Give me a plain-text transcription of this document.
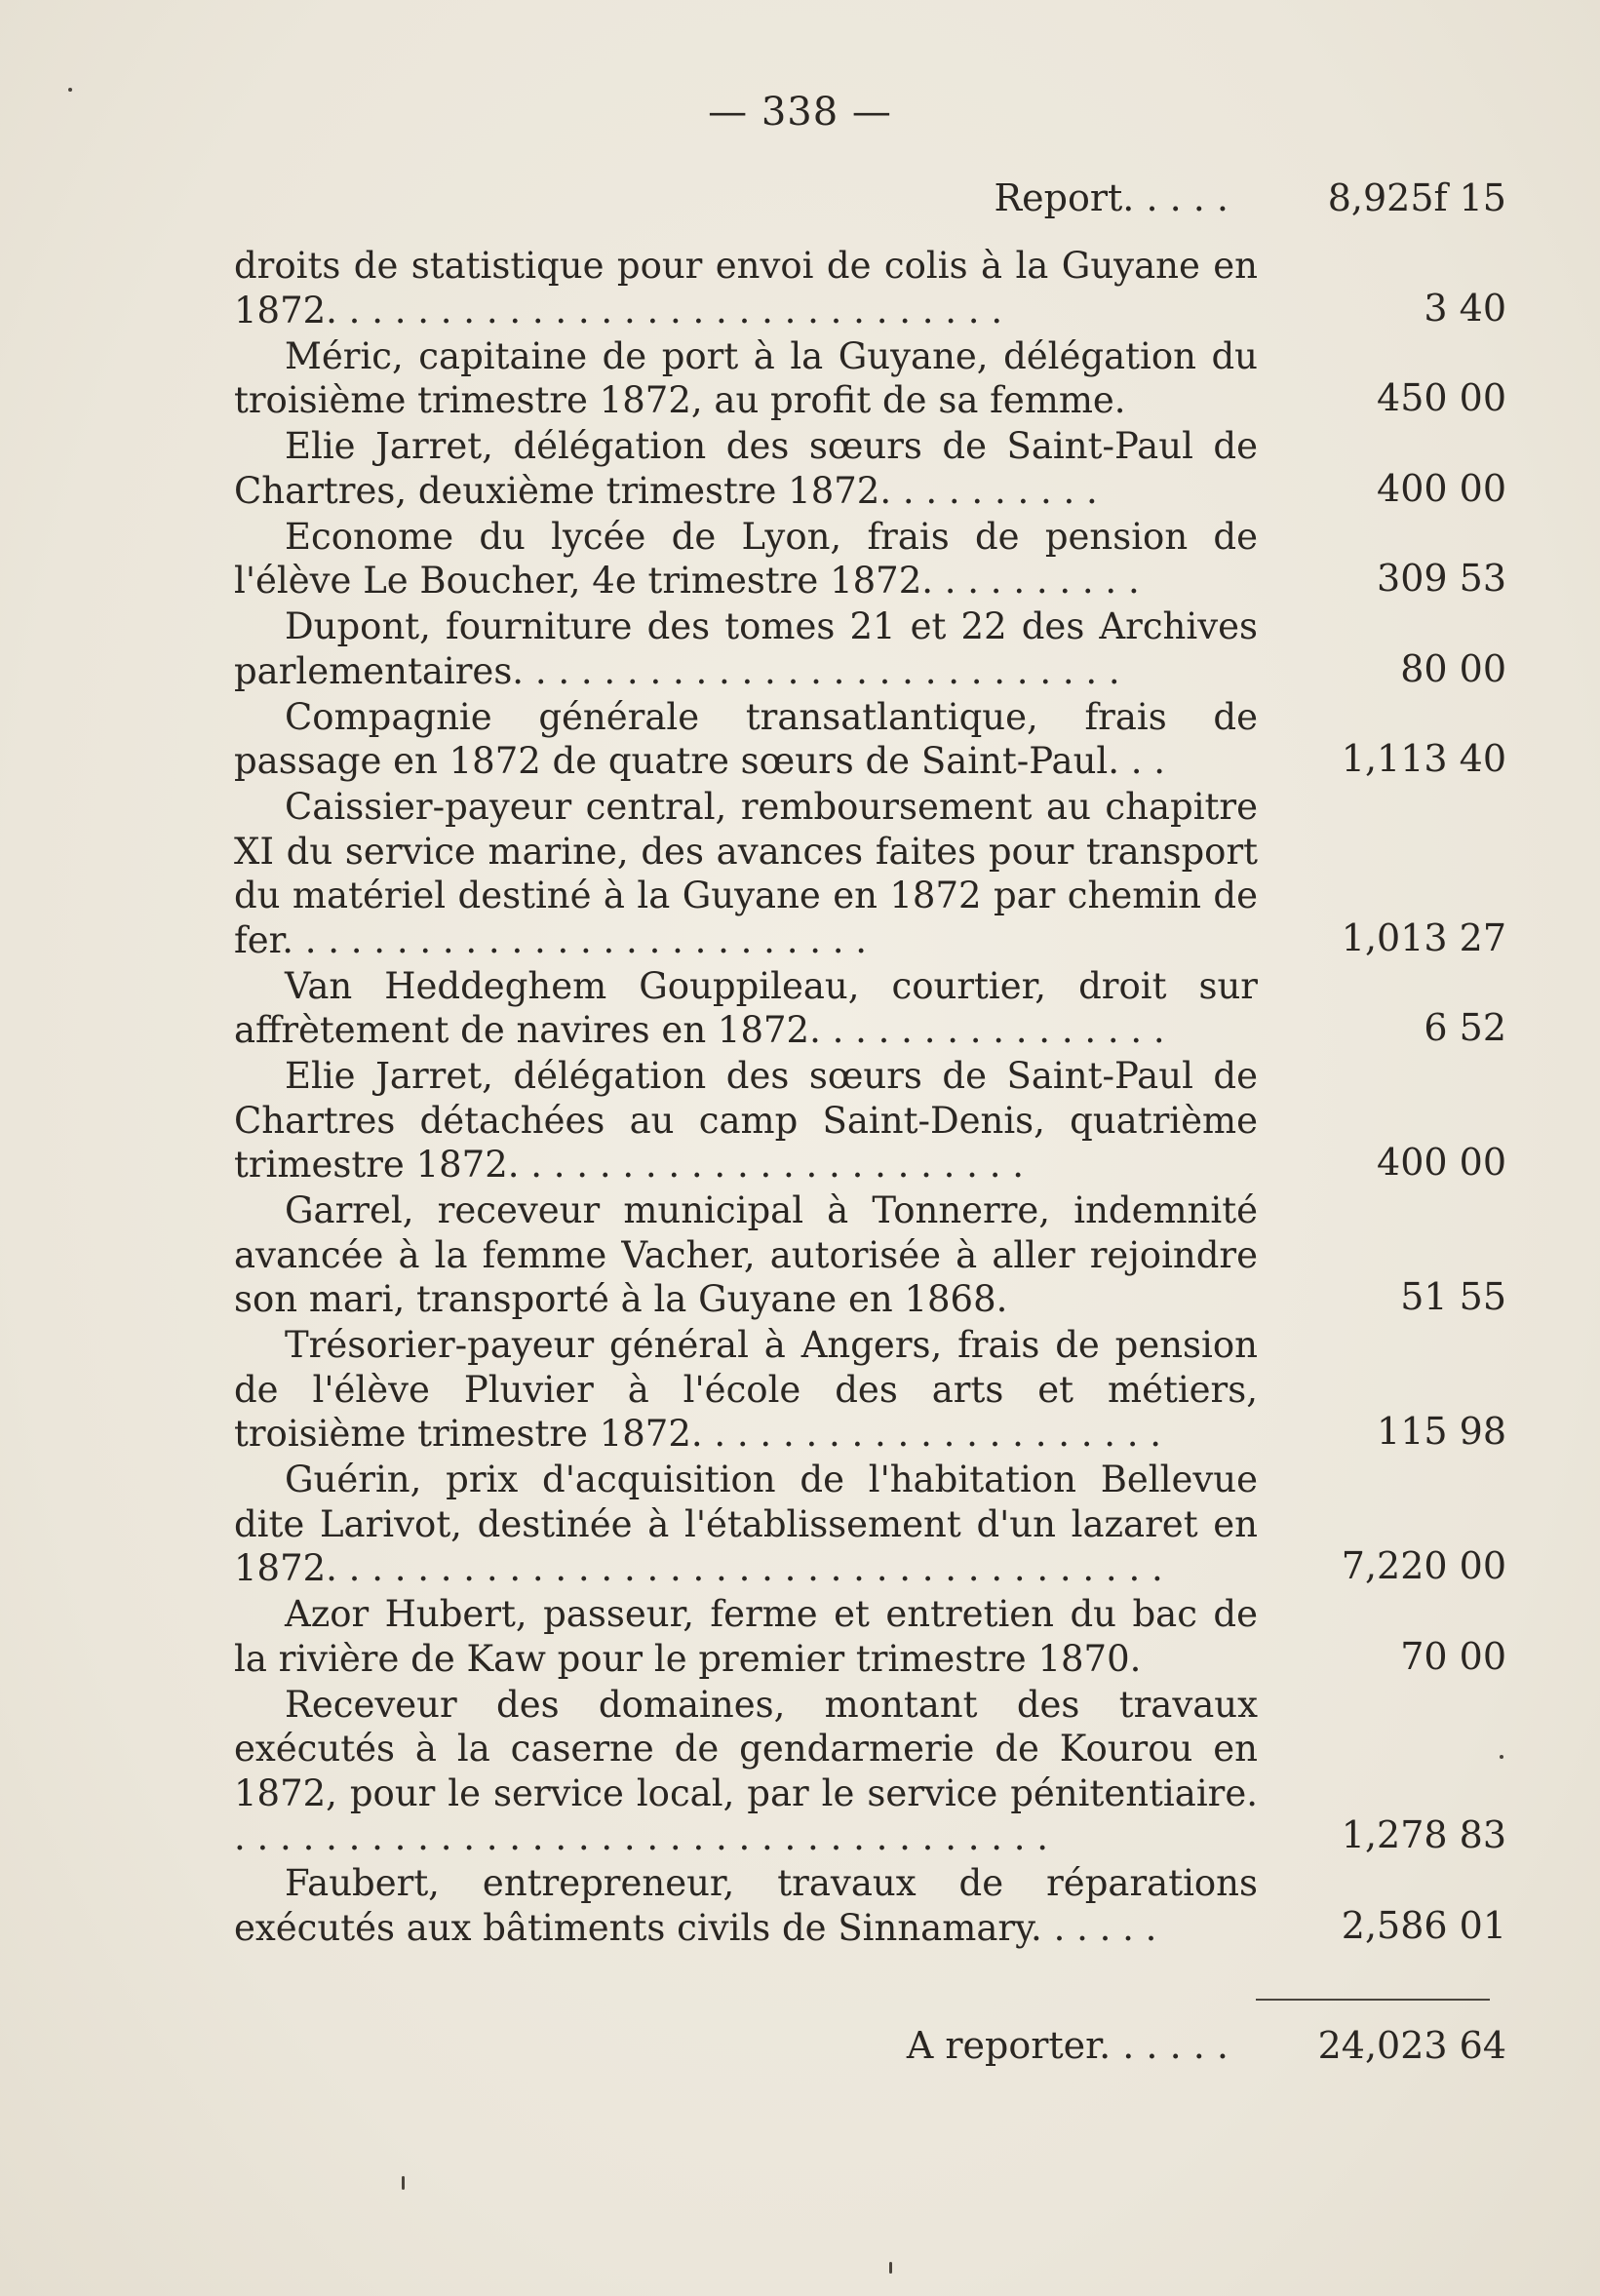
— 338 —
Report. . . . .	8,925f 15
droits de statistique pour envoi de colis à la Guyane en 1872. . . . . . . . . . . . . . . . . . . . . . . . . . . . . .	3 40
Méric, capitaine de port à la Guyane, délégation du troisième trimestre 1872, au profit de sa femme.	450 00
Elie Jarret, délégation des sœurs de Saint-Paul de Chartres, deuxième trimestre 1872. . . . . . . . . .	400 00
Econome du lycée de Lyon, frais de pension de l'élève Le Boucher, 4e trimestre 1872. . . . . . . . . .	309 53
Dupont, fourniture des tomes 21 et 22 des Archives parlementaires. . . . . . . . . . . . . . . . . . . . . . . . . . .	80 00
Compagnie générale transatlantique, frais de passage en 1872 de quatre sœurs de Saint-Paul. . .	1,113 40
Caissier-payeur central, remboursement au chapitre XI du service marine, des avances faites pour transport du matériel destiné à la Guyane en 1872 par chemin de fer. . . . . . . . . . . . . . . . . . . . . . . . . .	1,013 27
Van Heddeghem Gouppileau, courtier, droit sur affrètement de navires en 1872. . . . . . . . . . . . . . . .	6 52
Elie Jarret, délégation des sœurs de Saint-Paul de Chartres détachées au camp Saint-Denis, quatrième trimestre 1872. . . . . . . . . . . . . . . . . . . . . . .	400 00
Garrel, receveur municipal à Tonnerre, indemnité avancée à la femme Vacher, autorisée à aller rejoindre son mari, transporté à la Guyane en 1868.	51 55
Trésorier-payeur général à Angers, frais de pension de l'élève Pluvier à l'école des arts et métiers, troisième trimestre 1872. . . . . . . . . . . . . . . . . . . . .	115 98
Guérin, prix d'acquisition de l'habitation Bellevue dite Larivot, destinée à l'établissement d'un lazaret en 1872. . . . . . . . . . . . . . . . . . . . . . . . . . . . . . . . . . . . .	7,220 00
Azor Hubert, passeur, ferme et entretien du bac de la rivière de Kaw pour le premier trimestre 1870.	70 00
Receveur des domaines, montant des travaux exécutés à la caserne de gendarmerie de Kourou en 1872, pour le service local, par le service pénitentiaire. . . . . . . . . . . . . . . . . . . . . . . . . . . . . . . . . . . . .	1,278 83
Faubert, entrepreneur, travaux de réparations exécutés aux bâtiments civils de Sinnamary. . . . . .	2,586 01
A reporter. . . . . . 24,023 64
